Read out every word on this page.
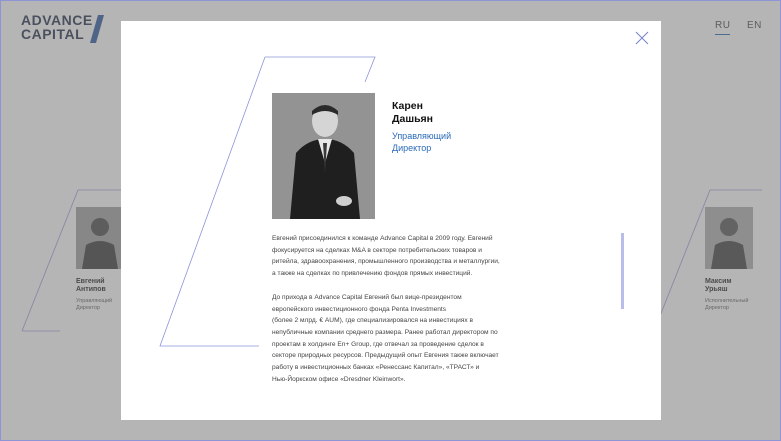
Карен
Дашьян
Управляющий
Директор

Евгений присоединился к команде Advance Capital в 2009 году. Евгений
фокусируется на сделках M&A в секторе потребительских товаров и
ритейла, здравоохранения, промышленного производства и металлургии,
а также на сделках по привлечению фондов прямых инвестиций.

До прихода в Advance Capital Евгений был вице-президентом
европейского инвестиционного фонда Penta Investments
(более 2 млрд. € AUM), где специализировался на инвестициях в
непубличные компании среднего размера. Ранее работал директором по
проектам в холдинге En+ Group, где отвечал за проведение сделок в
секторе природных ресурсов. Предыдущий опыт Евгения также включает
работу в инвестиционных банках «Ренессанс Капитал», «ТРАСТ» и
Нью-Йоркском офисе «Dresdner Kleinwort».
